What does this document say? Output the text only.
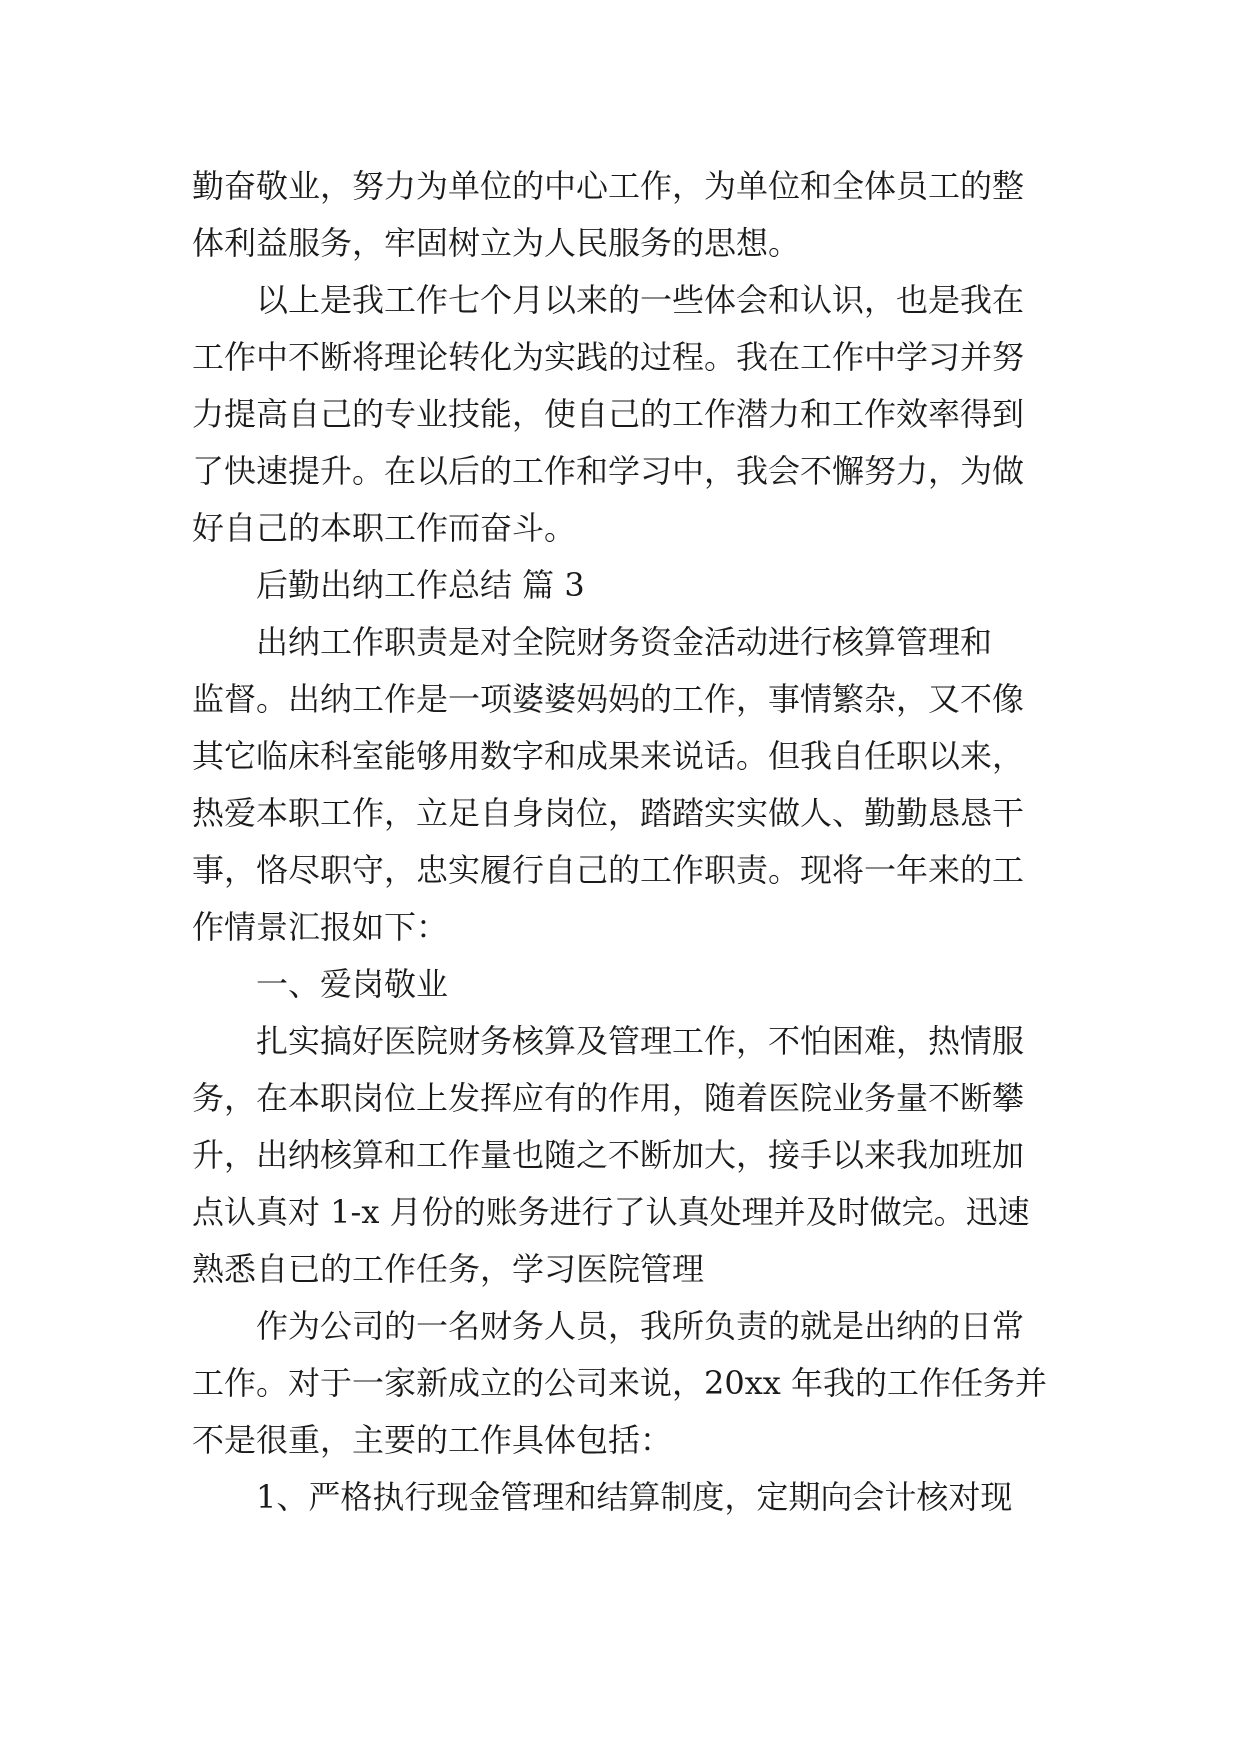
勤奋敬业，努力为单位的中心工作，为单位和全体员工的整
体利益服务，牢固树立为人民服务的思想。
以上是我工作七个月以来的一些体会和认识，也是我在
工作中不断将理论转化为实践的过程。我在工作中学习并努
力提高自己的专业技能，使自己的工作潜力和工作效率得到
了快速提升。在以后的工作和学习中，我会不懈努力，为做
好自己的本职工作而奋斗。
后勤出纳工作总结 篇 3
出纳工作职责是对全院财务资金活动进行核算管理和
监督。出纳工作是一项婆婆妈妈的工作，事情繁杂，又不像
其它临床科室能够用数字和成果来说话。但我自任职以来，
热爱本职工作，立足自身岗位，踏踏实实做人、勤勤恳恳干
事，恪尽职守，忠实履行自己的工作职责。现将一年来的工
作情景汇报如下：
一、爱岗敬业
扎实搞好医院财务核算及管理工作，不怕困难，热情服
务，在本职岗位上发挥应有的作用，随着医院业务量不断攀
升，出纳核算和工作量也随之不断加大，接手以来我加班加
点认真对 1-x 月份的账务进行了认真处理并及时做完。迅速
熟悉自已的工作任务，学习医院管理
作为公司的一名财务人员，我所负责的就是出纳的日常
工作。对于一家新成立的公司来说，20xx 年我的工作任务并
不是很重，主要的工作具体包括：
1、严格执行现金管理和结算制度，定期向会计核对现
